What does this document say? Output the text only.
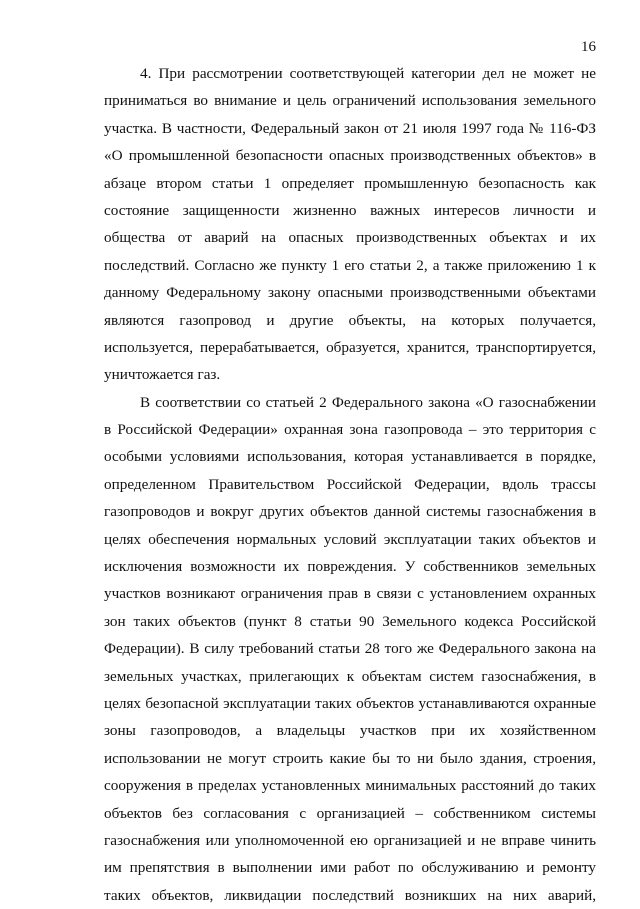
16
4. При рассмотрении соответствующей категории дел не может не
приниматься во внимание и цель ограничений использования земельного
участка. В частности, Федеральный закон от 21 июля 1997 года № 116-ФЗ
«О промышленной безопасности опасных производственных объектов» в
абзаце втором статьи 1 определяет промышленную безопасность как
состояние защищенности жизненно важных интересов личности и
общества от аварий на опасных производственных объектах и их
последствий. Согласно же пункту 1 его статьи 2, а также приложению 1 к
данному Федеральному закону опасными производственными объектами
являются газопровод и другие объекты, на которых получается,
используется, перерабатывается, образуется, хранится, транспортируется,
уничтожается газ.
В соответствии со статьей 2 Федерального закона «О газоснабжении
в Российской Федерации» охранная зона газопровода – это территория с
особыми условиями использования, которая устанавливается в порядке,
определенном Правительством Российской Федерации, вдоль трассы
газопроводов и вокруг других объектов данной системы газоснабжения в
целях обеспечения нормальных условий эксплуатации таких объектов и
исключения возможности их повреждения. У собственников земельных
участков возникают ограничения прав в связи с установлением охранных
зон таких объектов (пункт 8 статьи 90 Земельного кодекса Российской
Федерации). В силу требований статьи 28 того же Федерального закона на
земельных участках, прилегающих к объектам систем газоснабжения, в
целях безопасной эксплуатации таких объектов устанавливаются охранные
зоны газопроводов, а владельцы участков при их хозяйственном
использовании не могут строить какие бы то ни было здания, строения,
сооружения в пределах установленных минимальных расстояний до таких
объектов без согласования с организацией – собственником системы
газоснабжения или уполномоченной ею организацией и не вправе чинить
им препятствия в выполнении ими работ по обслуживанию и ремонту
таких объектов, ликвидации последствий возникших на них аварий,
